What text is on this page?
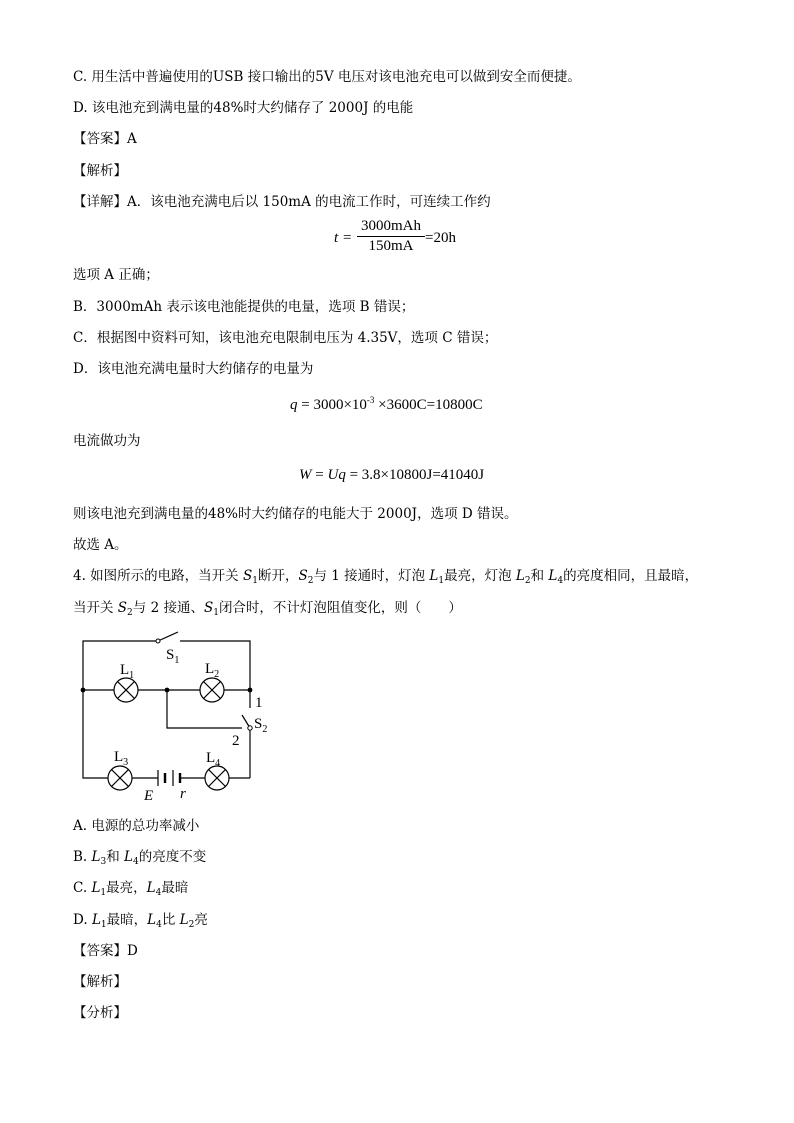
C. 用生活中普遍使用的USB 接口输出的5V 电压对该电池充电可以做到安全而便捷。
D. 该电池充到满电量的48%时大约储存了 2000J 的电能
【答案】A
【解析】
【详解】A．该电池充满电后以 150mA 的电流工作时，可连续工作约
t =
3000mAh
150mA =20h
选项 A 正确；
B．3000mAh 表示该电池能提供的电量，选项 B 错误；
C．根据图中资料可知，该电池充电限制电压为 4.35V，选项 C 错误；
D．该电池充满电量时大约储存的电量为
$q = 3000\times 10^{-3} \times 3600C=10800C$
电流做功为
W = Uq = 3.8×10800J=41040J
则该电池充到满电量的48%时大约储存的电能大于 2000J，选项 D 错误。
故选 A。
4. 如图所示的电路，当开关 $S_1$断开，$S_2$与 1 接通时，灯泡 $L_1$最亮，灯泡 $L_2$和 $L_4$的亮度相同，且最暗，
当开关 $S_2$与 2 接通、$S_1$闭合时，不计灯泡阻值变化，则（　　）
$S_1$
$L_1$	$L_2$
1
$S_2$
2
$L_3$	$L_4$
E r
A. 电源的总功率减小
B. $L_3$和 $L_4$的亮度不变
C. $L_1$最亮，$L_4$最暗
D. $L_1$最暗，$L_4$比 $L_2$亮
【答案】D
【解析】
【分析】
